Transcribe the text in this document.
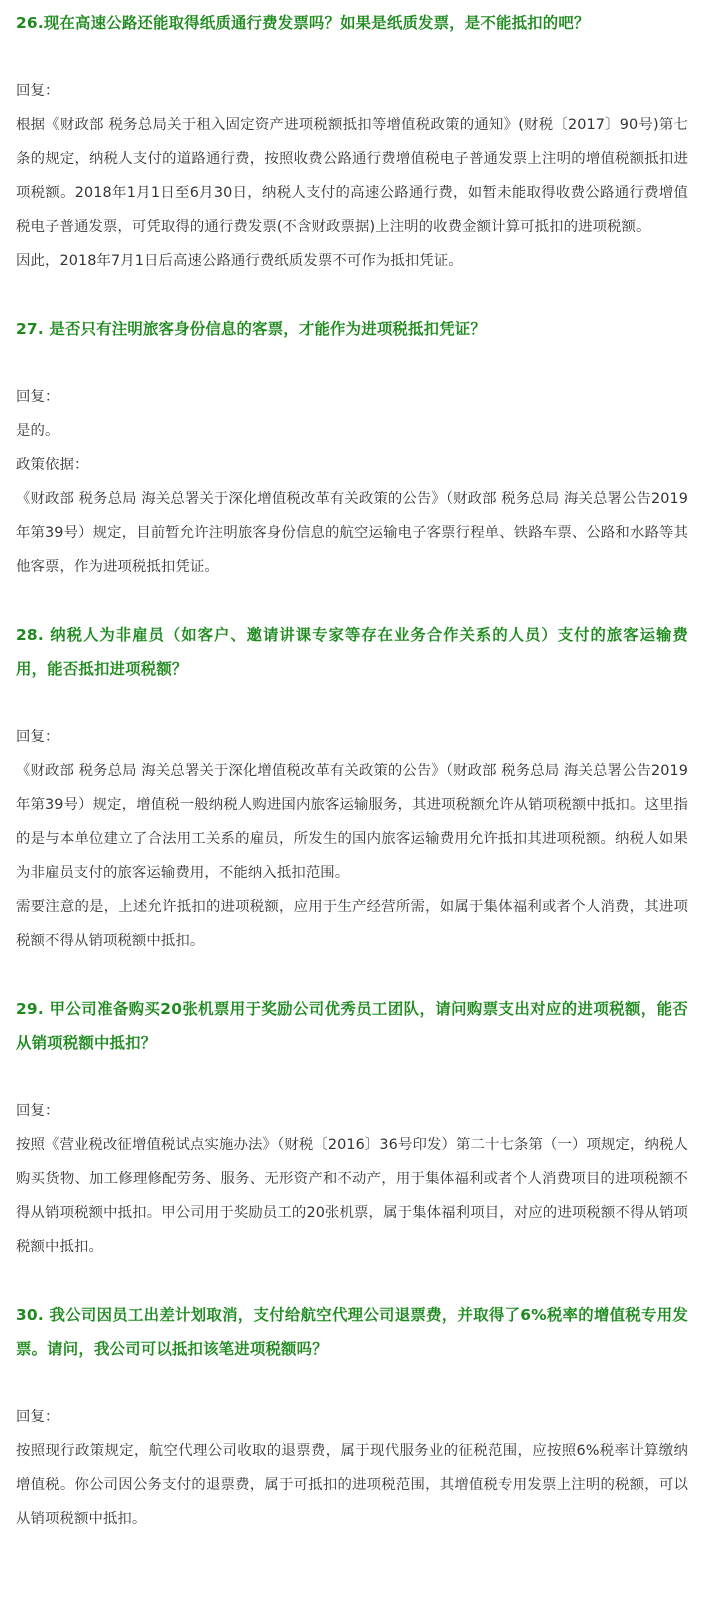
26.现在高速公路还能取得纸质通行费发票吗？如果是纸质发票，是不能抵扣的吧？

回复：

根据《财政部 税务总局关于租入固定资产进项税额抵扣等增值税政策的通知》(财税〔2017〕90号)第七条的规定，纳税人支付的道路通行费，按照收费公路通行费增值税电子普通发票上注明的增值税额抵扣进项税额。2018年1月1日至6月30日，纳税人支付的高速公路通行费，如暂未能取得收费公路通行费增值税电子普通发票，可凭取得的通行费发票(不含财政票据)上注明的收费金额计算可抵扣的进项税额。

因此，2018年7月1日后高速公路通行费纸质发票不可作为抵扣凭证。

27. 是否只有注明旅客身份信息的客票，才能作为进项税抵扣凭证？

回复：

是的。

政策依据：

《财政部 税务总局 海关总署关于深化增值税改革有关政策的公告》（财政部 税务总局 海关总署公告2019年第39号）规定，目前暂允许注明旅客身份信息的航空运输电子客票行程单、铁路车票、公路和水路等其他客票，作为进项税抵扣凭证。

28. 纳税人为非雇员（如客户、邀请讲课专家等存在业务合作关系的人员）支付的旅客运输费用，能否抵扣进项税额？

回复：

《财政部 税务总局 海关总署关于深化增值税改革有关政策的公告》（财政部 税务总局 海关总署公告2019年第39号）规定，增值税一般纳税人购进国内旅客运输服务，其进项税额允许从销项税额中抵扣。这里指的是与本单位建立了合法用工关系的雇员，所发生的国内旅客运输费用允许抵扣其进项税额。纳税人如果为非雇员支付的旅客运输费用，不能纳入抵扣范围。

需要注意的是，上述允许抵扣的进项税额，应用于生产经营所需，如属于集体福利或者个人消费，其进项税额不得从销项税额中抵扣。

29. 甲公司准备购买20张机票用于奖励公司优秀员工团队，请问购票支出对应的进项税额，能否从销项税额中抵扣？

回复：

按照《营业税改征增值税试点实施办法》（财税〔2016〕36号印发）第二十七条第（一）项规定，纳税人购买货物、加工修理修配劳务、服务、无形资产和不动产，用于集体福利或者个人消费项目的进项税额不得从销项税额中抵扣。甲公司用于奖励员工的20张机票，属于集体福利项目，对应的进项税额不得从销项税额中抵扣。

30. 我公司因员工出差计划取消，支付给航空代理公司退票费，并取得了6%税率的增值税专用发票。请问，我公司可以抵扣该笔进项税额吗？

回复：

按照现行政策规定，航空代理公司收取的退票费，属于现代服务业的征税范围，应按照6%税率计算缴纳增值税。你公司因公务支付的退票费，属于可抵扣的进项税范围，其增值税专用发票上注明的税额，可以从销项税额中抵扣。
